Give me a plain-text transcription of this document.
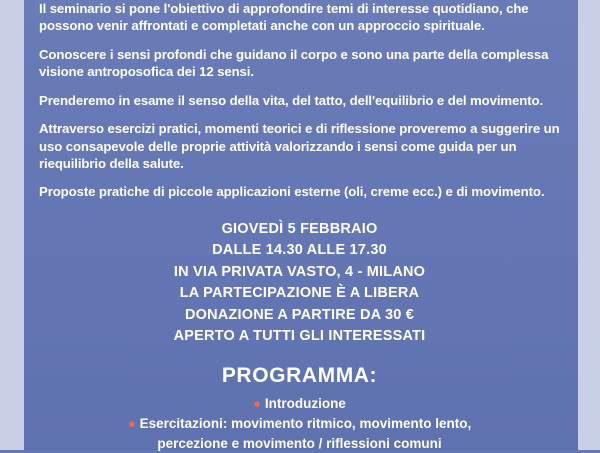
Il seminario si pone l'obiettivo di approfondire temi di interesse quotidiano, che possono venir affrontati e completati anche con un approccio spirituale.

Conoscere i sensi profondi che guidano il corpo e sono una parte della complessa visione antroposofica dei 12 sensi.

Prenderemo in esame il senso della vita, del tatto, dell'equilibrio e del movimento.

Attraverso esercizi pratici, momenti teorici e di riflessione proveremo a suggerire un uso consapevole delle proprie attività valorizzando i sensi come guida per un riequilibrio della salute.

Proposte pratiche di piccole applicazioni esterne (oli, creme ecc.) e di movimento.

GIOVEDÌ 5 FEBBRAIO
DALLE 14.30 ALLE 17.30
IN VIA PRIVATA VASTO, 4 - MILANO
LA PARTECIPAZIONE È A LIBERA
DONAZIONE A PARTIRE DA 30 €
APERTO A TUTTI GLI INTERESSATI
PROGRAMMA:
● Introduzione
● Esercitazioni: movimento ritmico, movimento lento,
percezione e movimento / riflessioni comuni
